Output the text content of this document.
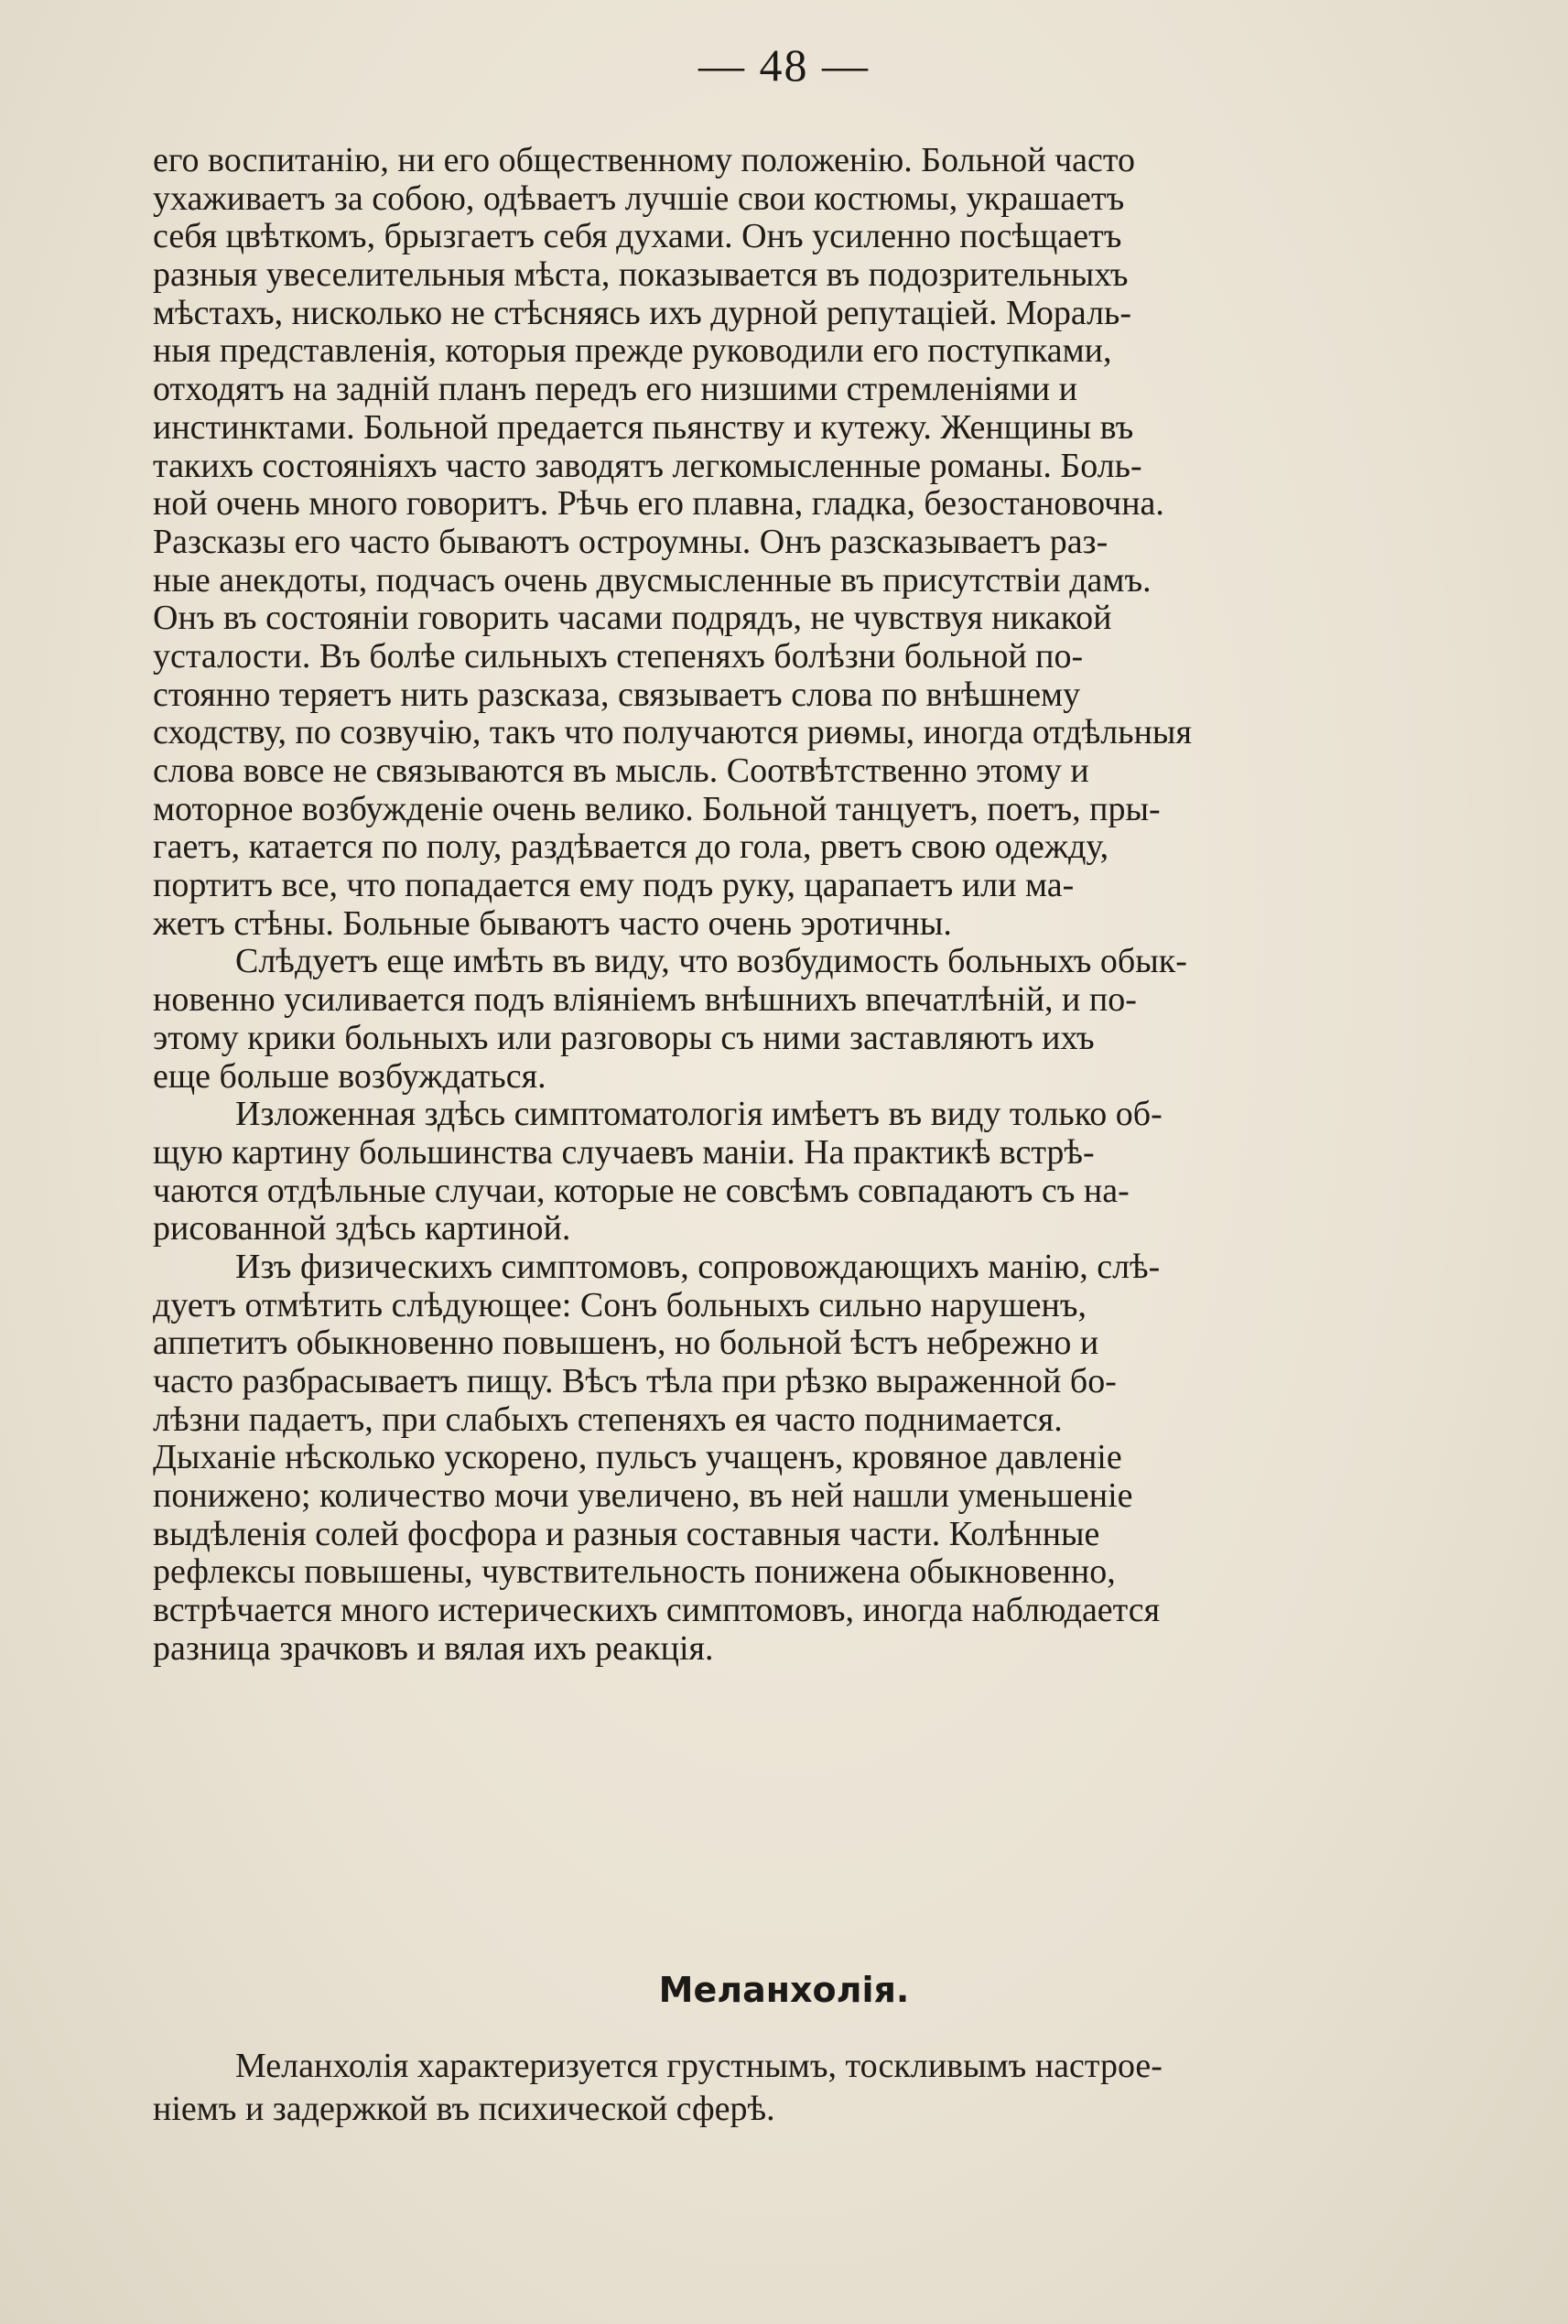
— 48 —
его воспитанію, ни его общественному положенію. Больной часто
ухаживаетъ за собою, одѣваетъ лучшіе свои костюмы, украшаетъ
себя цвѣткомъ, брызгаетъ себя духами. Онъ усиленно посѣщаетъ
разныя увеселительныя мѣста, показывается въ подозрительныхъ
мѣстахъ, нисколько не стѣсняясь ихъ дурной репутаціей. Мораль-
ныя представленія, которыя прежде руководили его поступками,
отходятъ на заднiй планъ передъ его низшими стремленіями и
инстинктами. Больной предается пьянству и кутежу. Женщины въ
такихъ состояніяхъ часто заводятъ легкомысленные романы. Боль-
ной очень много говоритъ. Рѣчь его плавна, гладка, безостановочна.
Разсказы его часто бываютъ остроумны. Онъ разсказываетъ раз-
ные анекдоты, подчасъ очень двусмысленные въ присутствіи дамъ.
Онъ въ состояніи говорить часами подрядъ, не чувствуя никакой
усталости. Въ болѣе сильныхъ степеняхъ болѣзни больной по-
стоянно теряетъ нить разсказа, связываетъ слова по внѣшнему
сходству, по созвучію, такъ что получаются риѳмы, иногда отдѣльныя
слова вовсе не связываются въ мысль. Соотвѣтственно этому и
моторное возбужденіе очень велико. Больной танцуетъ, поетъ, пры-
гаетъ, катается по полу, раздѣвается до гола, рветъ свою одежду,
портитъ все, что попадается ему подъ руку, царапаетъ или ма-
жетъ стѣны. Больные бываютъ часто очень эротичны.
Слѣдуетъ еще имѣть въ виду, что возбудимость больныхъ обык-
новенно усиливается подъ вліяніемъ внѣшнихъ впечатлѣній, и по-
этому крики больныхъ или разговоры съ ними заставляютъ ихъ
еще больше возбуждаться.
Изложенная здѣсь симптоматологія имѣетъ въ виду только об-
щую картину большинства случаевъ маніи. На практикѣ встрѣ-
чаются отдѣльные случаи, которые не совсѣмъ совпадаютъ съ на-
рисованной здѣсь картиной.
Изъ физическихъ симптомовъ, сопровождающихъ манію, слѣ-
дуетъ отмѣтить слѣдующее: Сонъ больныхъ сильно нарушенъ,
аппетитъ обыкновенно повышенъ, но больной ѣстъ небрежно и
часто разбрасываетъ пищу. Вѣсъ тѣла при рѣзко выраженной бо-
лѣзни падаетъ, при слабыхъ степеняхъ ея часто поднимается.
Дыханіе нѣсколько ускорено, пульсъ учащенъ, кровяное давленіе
понижено; количество мочи увеличено, въ ней нашли уменьшеніе
выдѣленія солей фосфора и разныя составныя части. Колѣнные
рефлексы повышены, чувствительность понижена обыкновенно,
встрѣчается много истерическихъ симптомовъ, иногда наблюдается
разница зрачковъ и вялая ихъ реакція.
Меланхолія.
Меланхолія характеризуется грустнымъ, тоскливымъ настрое-
ніемъ и задержкой въ психической сферѣ.
